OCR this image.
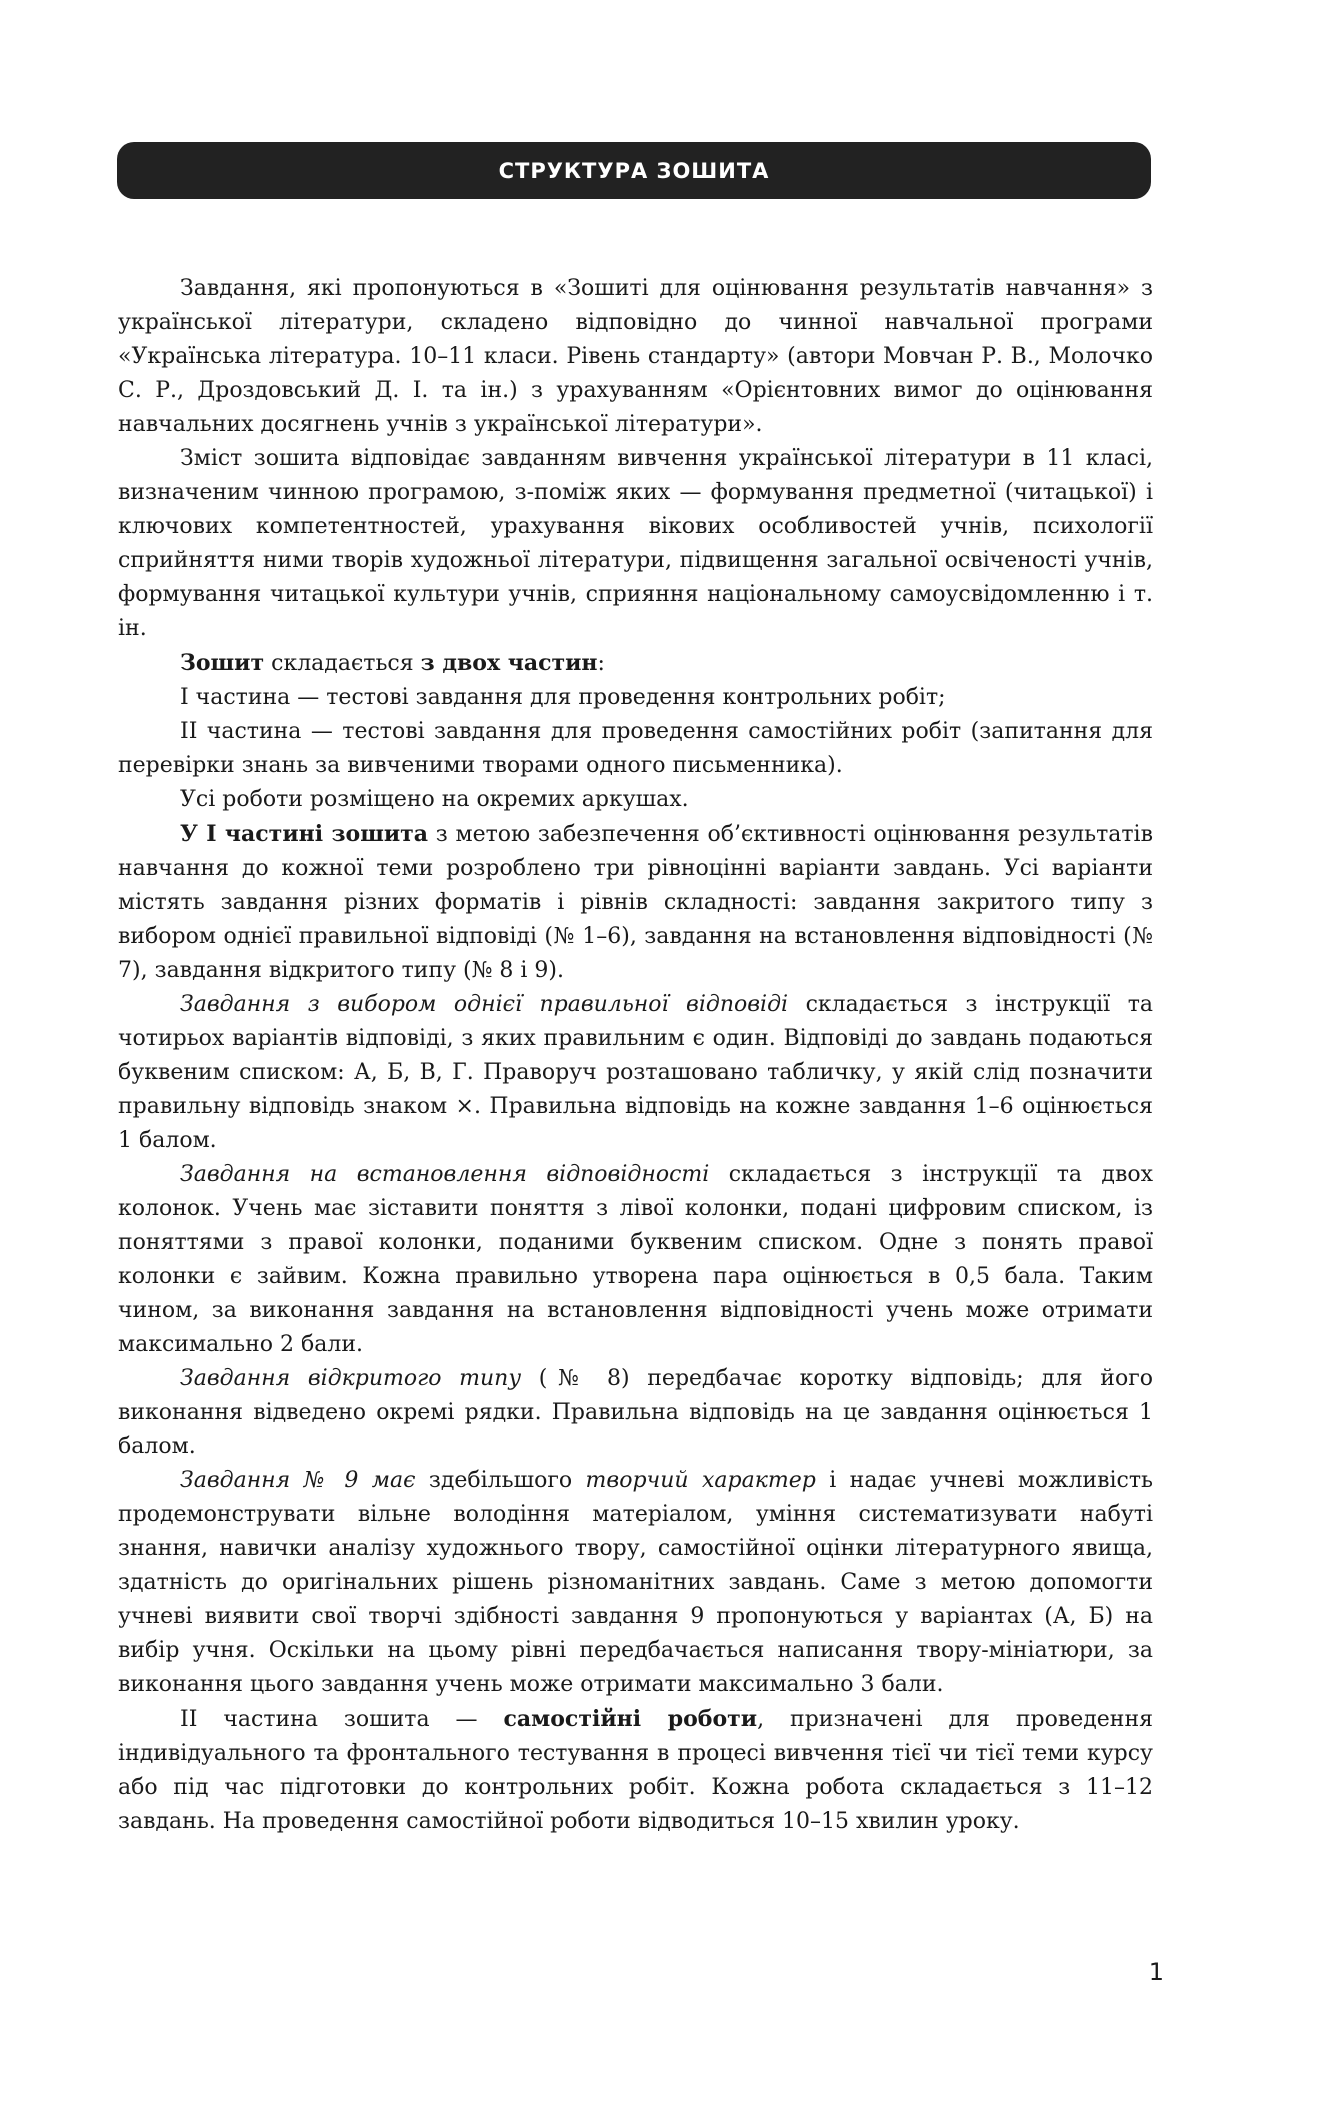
СТРУКТУРА ЗОШИТА

Завдання, які пропонуються в «Зошиті для оцінювання результатів навчання» з української літератури, складено відповідно до чинної навчальної програми «Українська література. 10–11 класи. Рівень стандарту» (автори Мовчан Р. В., Молочко С. Р., Дроздовський Д. І. та ін.) з урахуванням «Орієнтовних вимог до оцінювання навчальних досягнень учнів з української літератури».

Зміст зошита відповідає завданням вивчення української літератури в 11 класі, визначеним чинною програмою, з-поміж яких — формування предметної (читацької) і ключових компетентностей, урахування вікових особливостей учнів, психології сприйняття ними творів художньої літератури, підвищення загальної освіченості учнів, формування читацької культури учнів, сприяння національному самоусвідомленню і т. ін.

Зошит складається з двох частин:

І частина — тестові завдання для проведення контрольних робіт;

ІІ частина — тестові завдання для проведення самостійних робіт (запитання для перевірки знань за вивченими творами одного письменника).

Усі роботи розміщено на окремих аркушах.

У І частині зошита з метою забезпечення об’єктивності оцінювання результатів навчання до кожної теми розроблено три рівноцінні варіанти завдань. Усі варіанти містять завдання різних форматів і рівнів складності: завдання закритого типу з вибором однієї правильної відповіді (№ 1–6), завдання на встановлення відповідності (№ 7), завдання відкритого типу (№ 8 і 9).

Завдання з вибором однієї правильної відповіді складається з інструкції та чотирьох варіантів відповіді, з яких правильним є один. Відповіді до завдань подаються буквеним списком: А, Б, В, Г. Праворуч розташовано табличку, у якій слід позначити правильну відповідь знаком ×. Правильна відповідь на кожне завдання 1–6 оцінюється 1 балом.

Завдання на встановлення відповідності складається з інструкції та двох колонок. Учень має зіставити поняття з лівої колонки, подані цифровим списком, із поняттями з правої колонки, поданими буквеним списком. Одне з понять правої колонки є зайвим. Кожна правильно утворена пара оцінюється в 0,5 бала. Таким чином, за виконання завдання на встановлення відповідності учень може отримати максимально 2 бали.

Завдання відкритого типу (№ 8) передбачає коротку відповідь; для його виконання відведено окремі рядки. Правильна відповідь на це завдання оцінюється 1 балом.

Завдання № 9 має здебільшого творчий характер і надає учневі можливість продемонструвати вільне володіння матеріалом, уміння систематизувати набуті знання, навички аналізу художнього твору, самостійної оцінки літературного явища, здатність до оригінальних рішень різноманітних завдань. Саме з метою допомогти учневі виявити свої творчі здібності завдання 9 пропонуються у варіантах (А, Б) на вибір учня. Оскільки на цьому рівні передбачається написання твору-мініатюри, за виконання цього завдання учень може отримати максимально 3 бали.

ІІ частина зошита — самостійні роботи, призначені для проведення індивідуального та фронтального тестування в процесі вивчення тієї чи тієї теми курсу або під час підготовки до контрольних робіт. Кожна робота складається з 11–12 завдань. На проведення самостійної роботи відводиться 10–15 хвилин уроку.

1
